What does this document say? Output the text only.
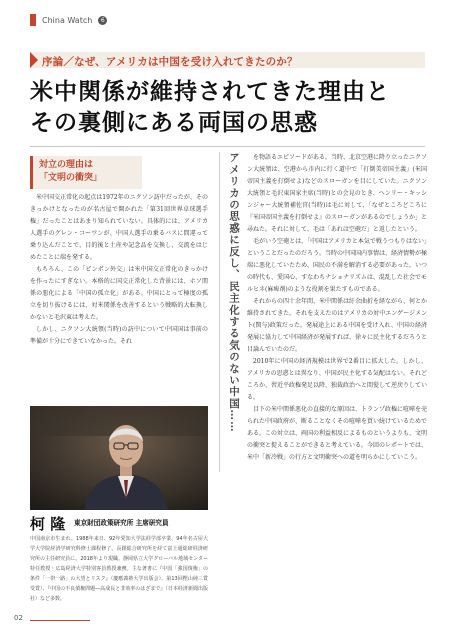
China Watch	6
序論／なぜ、アメリカは中国を受け入れてきたのか？
米中関係が維持されてきた理由と
その裏側にある両国の思惑
対立の理由は
「文明の衝突」

米中国交正常化の起点は1972年のニクソン訪中だったが、そのきっかけとなったのが名古屋で開かれた「第31回世界卓球選手権」だったことはあまり知られていない。具体的には、アメリカ人選手のグレン・コーワンが、中国人選手の乗るバスに間違って乗り込んだことで、目的後と土産や記念品を交換し、交流をはじめたことに端を発する。

もちろん、この「ピンポン外交」は米中国交正常化のきっかけを作ったにすぎない。本格的に国交正常化した背景には、ホソ関係の悪化による「中国の孤立化」がある。中国にとって極度の孤立を切り抜けるには、対米関係を改善するという戦略的大転換しかないと毛沢東は考えた。

しかし、ニクソン大統領(当時)の訪中について中国国は事前の準備が十分にできていなかった。それ

柯 隆 東京財団政策研究所 主席研究員
中国南京市生まれ。1988年来日、92年愛知大学法経学部卒業、94年名古屋大学大学院経済学研究科修士課程修了。長銀総合研究所を経て富士通総研経済研究所の主任研究員に。2018年より現職。静岡県立大学グローバル地域センター特任教授・広島経済大学特別客員教授兼務。主な著書に『中国「強国復権」の条件「一帯一路」の大望とリスク』（慶應義塾大学出版会）、第13回樫山純三賞受賞）、『中国の不良債権問題―高成長と非効率のはざまで』（日本経済新聞出版社）など多数。
アメリカの思惑に反し、民主化する気のない中国……	を物語るエピソードがある。当時、北京空港に降り立ったニクソン大統領は、空港から市内に行く道中で「打倒美帝国主義」(米国帝国主義を打倒せよ)などのスローガンを目にしていた。ニクソン大統領と毛沢東国家主席(当時)との会見のとき、ヘンリー・キッシンジャー大統領補佐官(当時)は毛に対して、「なぜところどころに『米国帝国主義を打倒せよ』のスローガンがあるのでしょうか」と尋ねた。それに対して、毛は「あれは空砲だ」と返したという。

毛がいう空砲とは、「中国はアメリカと本気で戦うつもりはない」ということだったのだろう。当時の中国国内事情は、経済情勢が極端に悪化していたため、国民の不満を解消する必要があった。いつの時代も、愛国心、すなわちナショナリズムは、混乱した社会でモルヒネ(麻痺剤)のような役割を果たすものである。

それからの四十余年間、米中関係は紆余曲折を経ながら、何とか維持されてきた。それを支えたのはアメリカの対中エンゲージメント(関与)政策だった。発展途上にある中国を受け入れ、中国の経済発展に協力して中国経済が発展すれば、徐々に民主化するだろうと目論んでいたのだ。

2010年に中国の経済規模は世界で2番目に拡大した。しかし、アメリカの思惑とは異なり、中国が民主化する気配はない。それどころか、習近平政権発足以降、独裁政治へと間髪して逆戻りしている。

目下の米中関係悪化の直接的な原因は、トランプ政権に喧嘩を売られた中国政府が、断ることなくその喧嘩を買い続けているためである。この対立は、両国の利益相反によるものというよりも、文明の衝突と捉えることができると考えている。今回のレポートでは、米中「新冷戦」の行方と文明衝突への道を明らかにしていこう。

02
